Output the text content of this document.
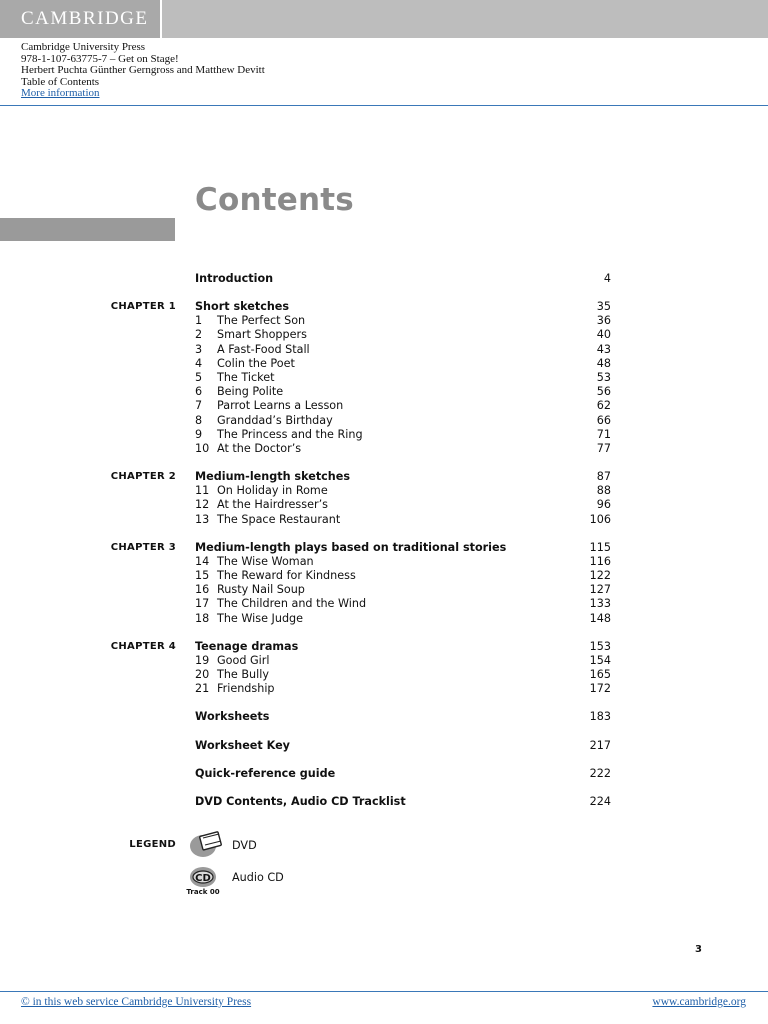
CAMBRIDGE
Cambridge University Press
978-1-107-63775-7 – Get on Stage!
Herbert Puchta Günther Gerngross and Matthew Devitt
Table of Contents
More information
Contents
Introduction	4
CHAPTER 1 Short sketches	35
1	The Perfect Son	36
2	Smart Shoppers	40
3	A Fast-Food Stall	43
4	Colin the Poet	48
5	The Ticket	53
6	Being Polite	56
7	Parrot Learns a Lesson	62
8	Granddad’s Birthday	66
9	The Princess and the Ring	71
10 At the Doctor’s	77
CHAPTER 2 Medium-length sketches	87
11 On Holiday in Rome	88
12 At the Hairdresser’s	96
13 The Space Restaurant	106
CHAPTER 3 Medium-length plays based on traditional stories	115
14 The Wise Woman	116
15 The Reward for Kindness	122
16 Rusty Nail Soup	127
17 The Children and the Wind	133
18 The Wise Judge	148
CHAPTER 4 Teenage dramas	153
19 Good Girl	154
20 The Bully	165
21 Friendship	172
Worksheets	183
Worksheet Key	217
Quick-reference guide	222
DVD Contents, Audio CD Tracklist	224
LEGEND	DVD
CD
Track 00
Audio CD
3
© in this web service Cambridge University Press	www.cambridge.org
